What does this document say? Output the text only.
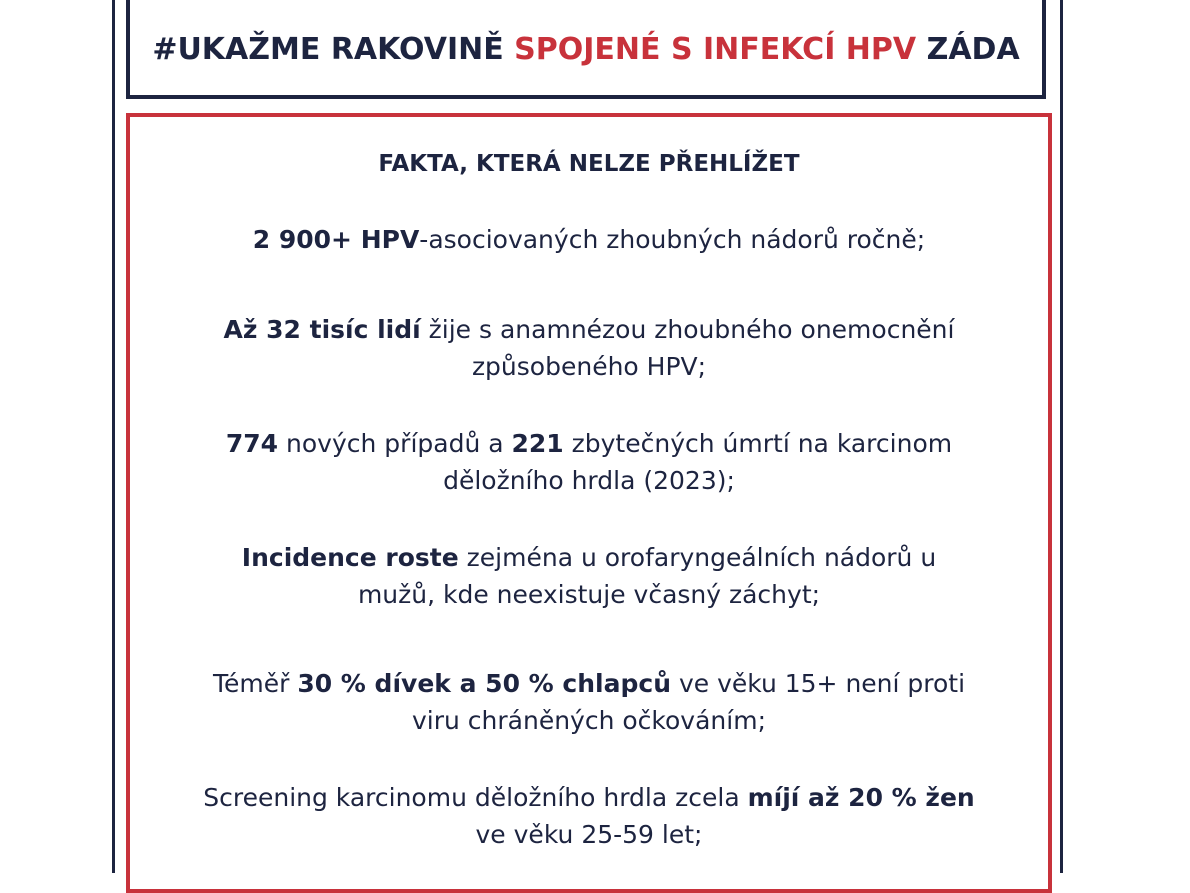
#UKAŽME RAKOVINĚ SPOJENÉ S INFEKCÍ HPV ZÁDA
FAKTA, KTERÁ NELZE PŘEHLÍŽET
2 900+ HPV-asociovaných zhoubných nádorů ročně;
Až 32 tisíc lidí žije s anamnézou zhoubného onemocnění způsobeného HPV;
774 nových případů a 221 zbytečných úmrtí na karcinom děložního hrdla (2023);
Incidence roste zejména u orofaryngeálních nádorů u mužů, kde neexistuje včasný záchyt;
Téměř 30 % dívek a 50 % chlapců ve věku 15+ není proti viru chráněných očkováním;
Screening karcinomu děložního hrdla zcela míjí až 20 % žen ve věku 25-59 let;
